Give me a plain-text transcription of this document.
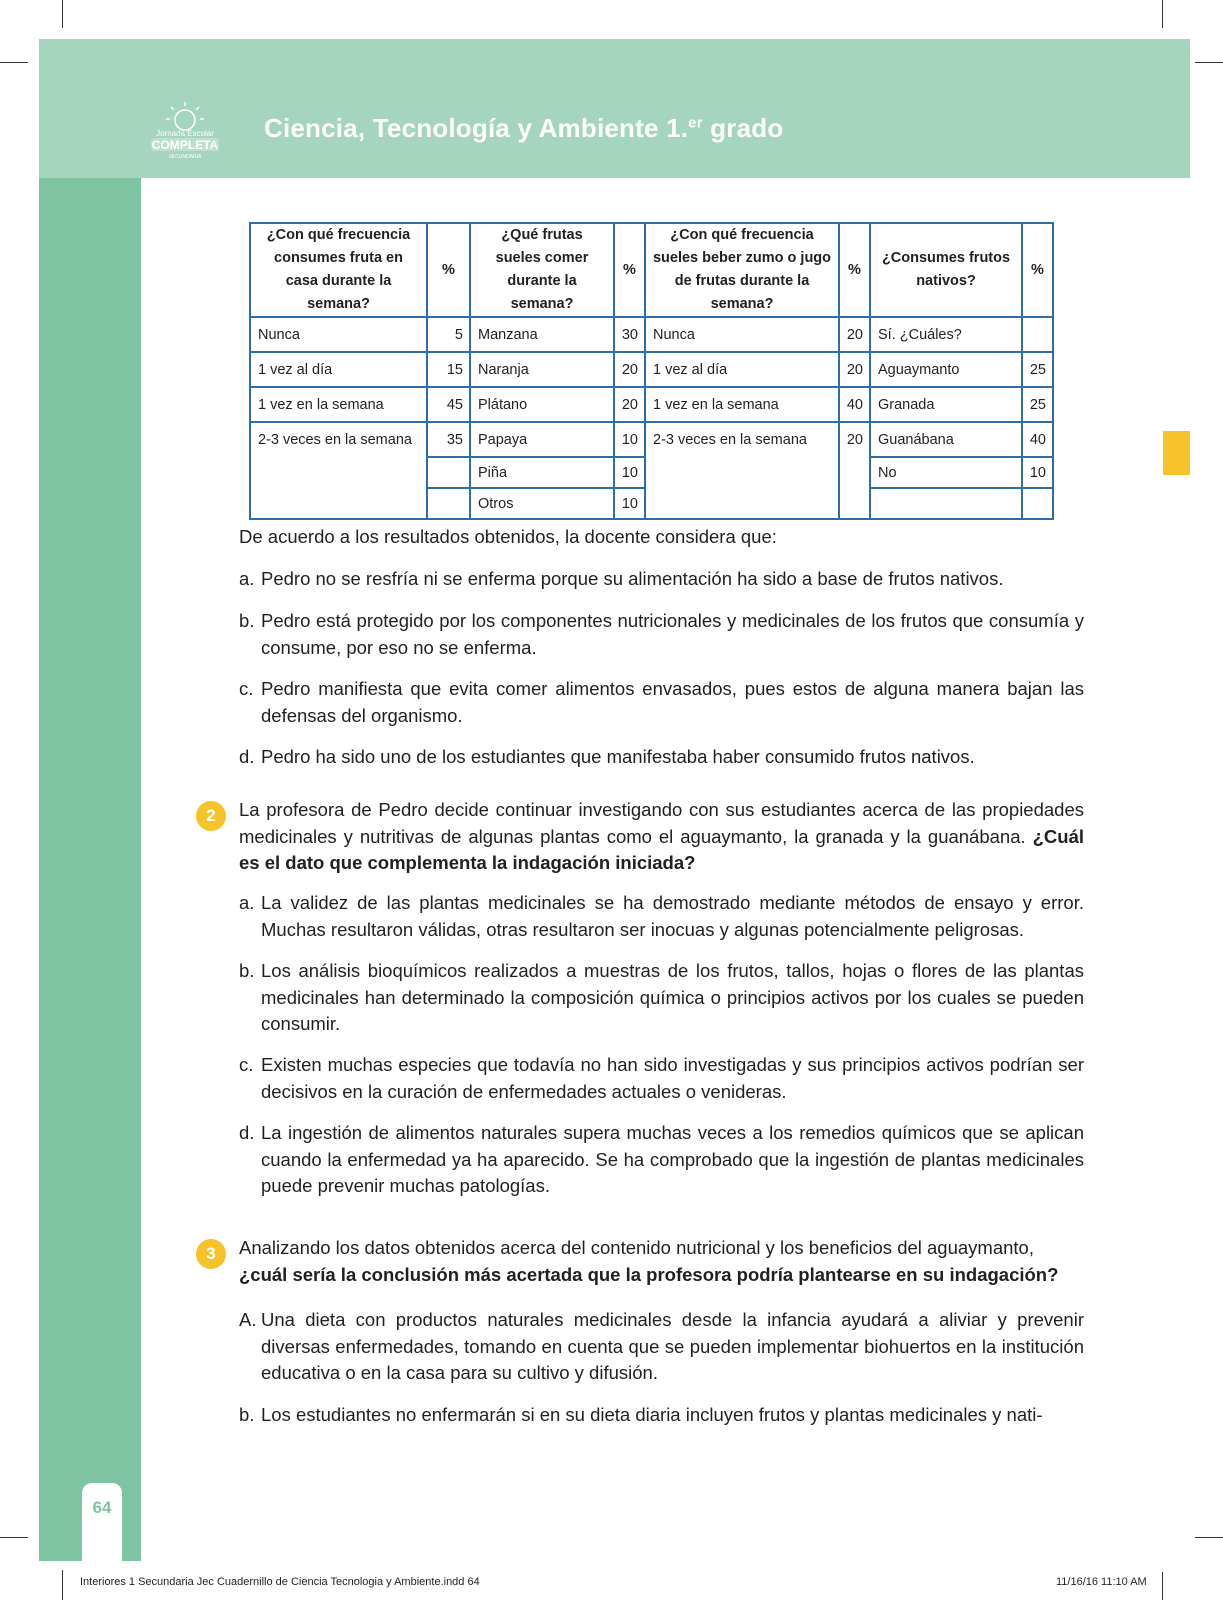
Jornada Escolar
COMPLETA
SECUNDARIA
Ciencia, Tecnología y Ambiente 1.$^{er}$ grado
¿Con qué frecuencia consumes fruta en casa durante la semana?	%	¿Qué frutas sueles comer durante la semana?	%	¿Con qué frecuencia sueles beber zumo o jugo de frutas durante la semana?	%	¿Consumes frutos nativos?	%
Nunca	5	Manzana	30	Nunca	20	Sí. ¿Cuáles?	
1 vez al día	15	Naranja	20	1 vez al día	20	Aguaymanto	25
1 vez en la semana	45	Plátano	20	1 vez en la semana	40	Granada	25
2-3 veces en la semana	35	Papaya	10	2-3 veces en la semana	20	Guanábana	40
		Piña	10			No	10
		Otros	10				
De acuerdo a los resultados obtenidos, la docente considera que:
a. Pedro no se resfría ni se enferma porque su alimentación ha sido a base de frutos nativos.
b. Pedro está protegido por los componentes nutricionales y medicinales de los frutos que consumía y consume, por eso no se enferma.
c. Pedro manifiesta que evita comer alimentos envasados, pues estos de alguna manera bajan las defensas del organismo.
d. Pedro ha sido uno de los estudiantes que manifestaba haber consumido frutos nativos.
2	La profesora de Pedro decide continuar investigando con sus estudiantes acerca de las propiedades medicinales y nutritivas de algunas plantas como el aguaymanto, la granada y la guanábana. ¿Cuál es el dato que complementa la indagación iniciada?
a. La validez de las plantas medicinales se ha demostrado mediante métodos de ensayo y error. Muchas resultaron válidas, otras resultaron ser inocuas y algunas potencialmente peligrosas.
b. Los análisis bioquímicos realizados a muestras de los frutos, tallos, hojas o flores de las plantas medicinales han determinado la composición química o principios activos por los cuales se pueden consumir.
c. Existen muchas especies que todavía no han sido investigadas y sus principios activos podrían ser decisivos en la curación de enfermedades actuales o venideras.
d. La ingestión de alimentos naturales supera muchas veces a los remedios químicos que se aplican cuando la enfermedad ya ha aparecido. Se ha comprobado que la ingestión de plantas medicinales puede prevenir muchas patologías.
3	Analizando los datos obtenidos acerca del contenido nutricional y los beneficios del aguaymanto,
¿cuál sería la conclusión más acertada que la profesora podría plantearse en su indagación?
A. Una dieta con productos naturales medicinales desde la infancia ayudará a aliviar y prevenir diversas enfermedades, tomando en cuenta que se pueden implementar biohuertos en la institución educativa o en la casa para su cultivo y difusión.
b. Los estudiantes no enfermarán si en su dieta diaria incluyen frutos y plantas medicinales y nati-
64
Interiores 1 Secundaria Jec Cuadernillo de Ciencia Tecnologia y Ambiente.indd 64	11/16/16 11:10 AM
